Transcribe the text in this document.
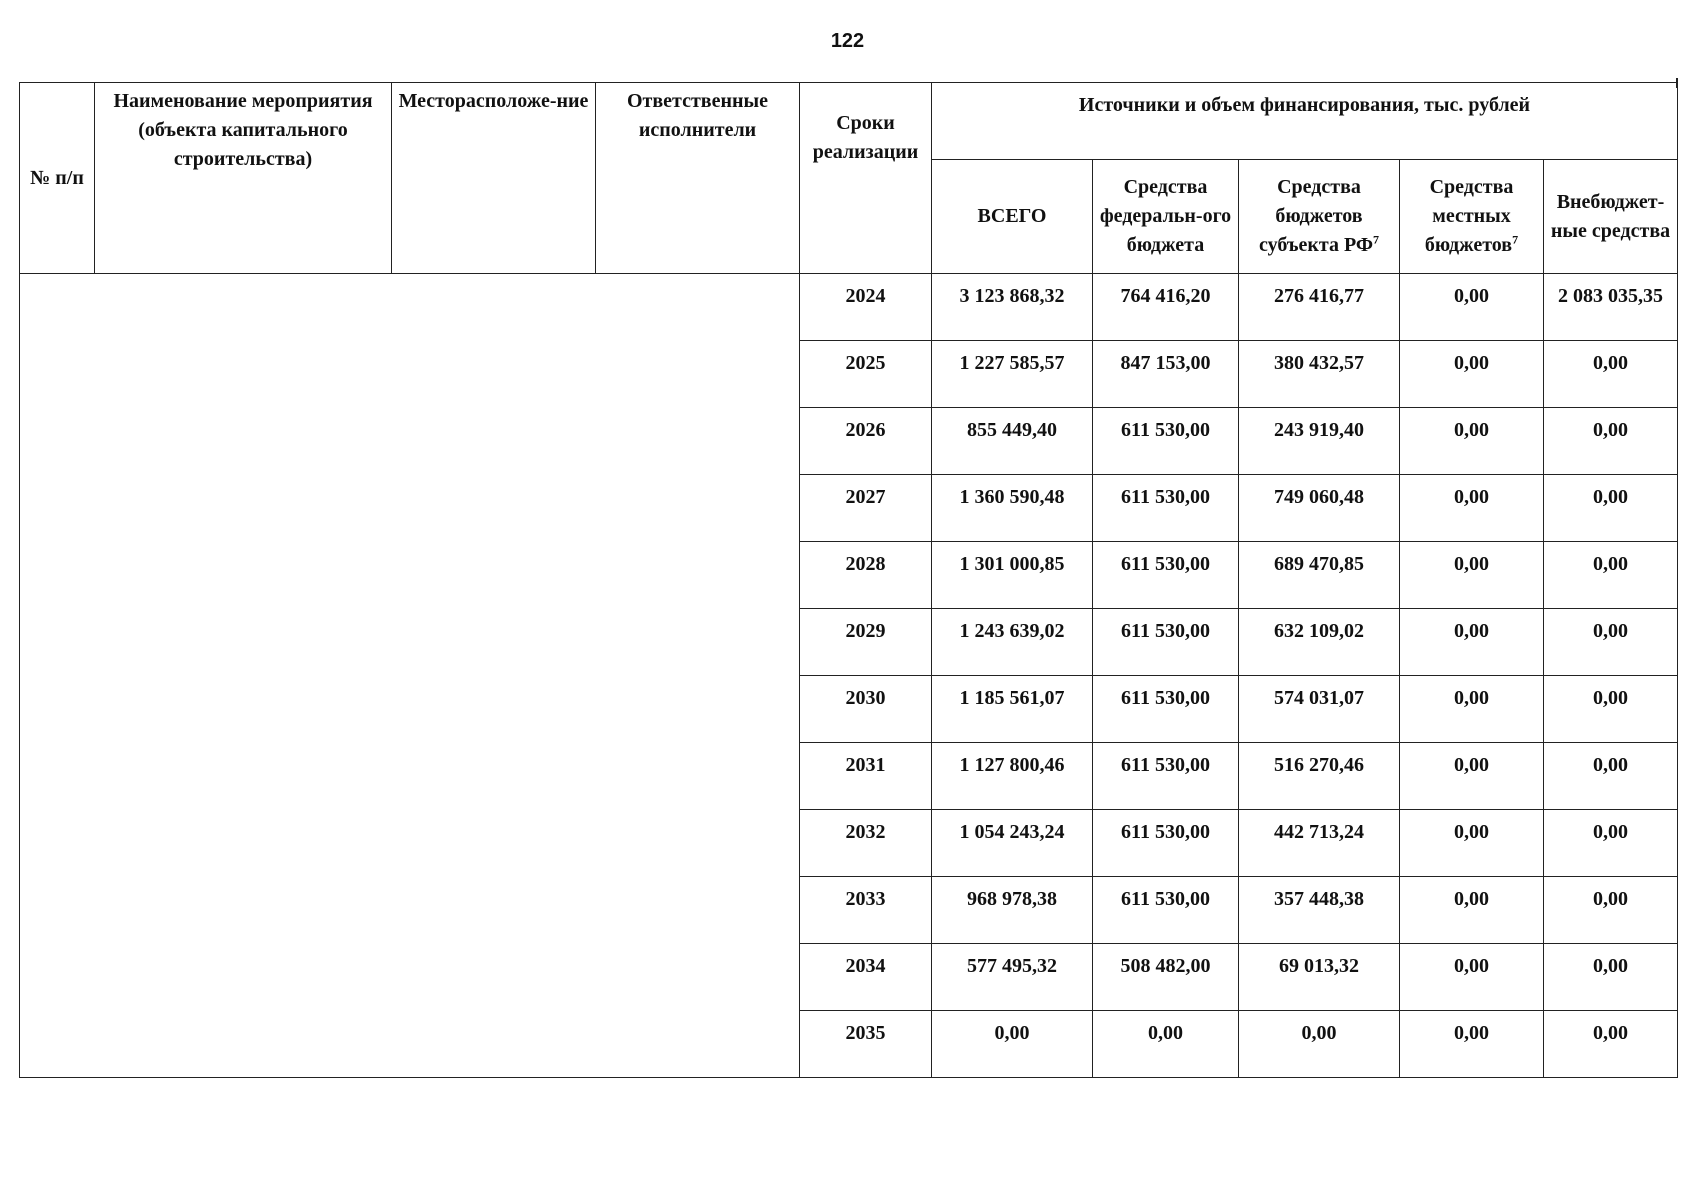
122
№ п/п	Наименование мероприятия (объекта капитального строительства)	Месторасположе-ние	Ответственные исполнители	Сроки реализации	Источники и объем финансирования, тыс. рублей				
					ВСЕГО	Средства федеральн-ого бюджета	Средства бюджетов субъекта РФ$^7$	Средства местных бюджетов$^7$	Внебюджет-ные средства
				2024	3 123 868,32	764 416,20	276 416,77	0,00	2 083 035,35
				2025	1 227 585,57	847 153,00	380 432,57	0,00	0,00
				2026	855 449,40	611 530,00	243 919,40	0,00	0,00
				2027	1 360 590,48	611 530,00	749 060,48	0,00	0,00
				2028	1 301 000,85	611 530,00	689 470,85	0,00	0,00
				2029	1 243 639,02	611 530,00	632 109,02	0,00	0,00
				2030	1 185 561,07	611 530,00	574 031,07	0,00	0,00
				2031	1 127 800,46	611 530,00	516 270,46	0,00	0,00
				2032	1 054 243,24	611 530,00	442 713,24	0,00	0,00
				2033	968 978,38	611 530,00	357 448,38	0,00	0,00
				2034	577 495,32	508 482,00	69 013,32	0,00	0,00
				2035	0,00	0,00	0,00	0,00	0,00
